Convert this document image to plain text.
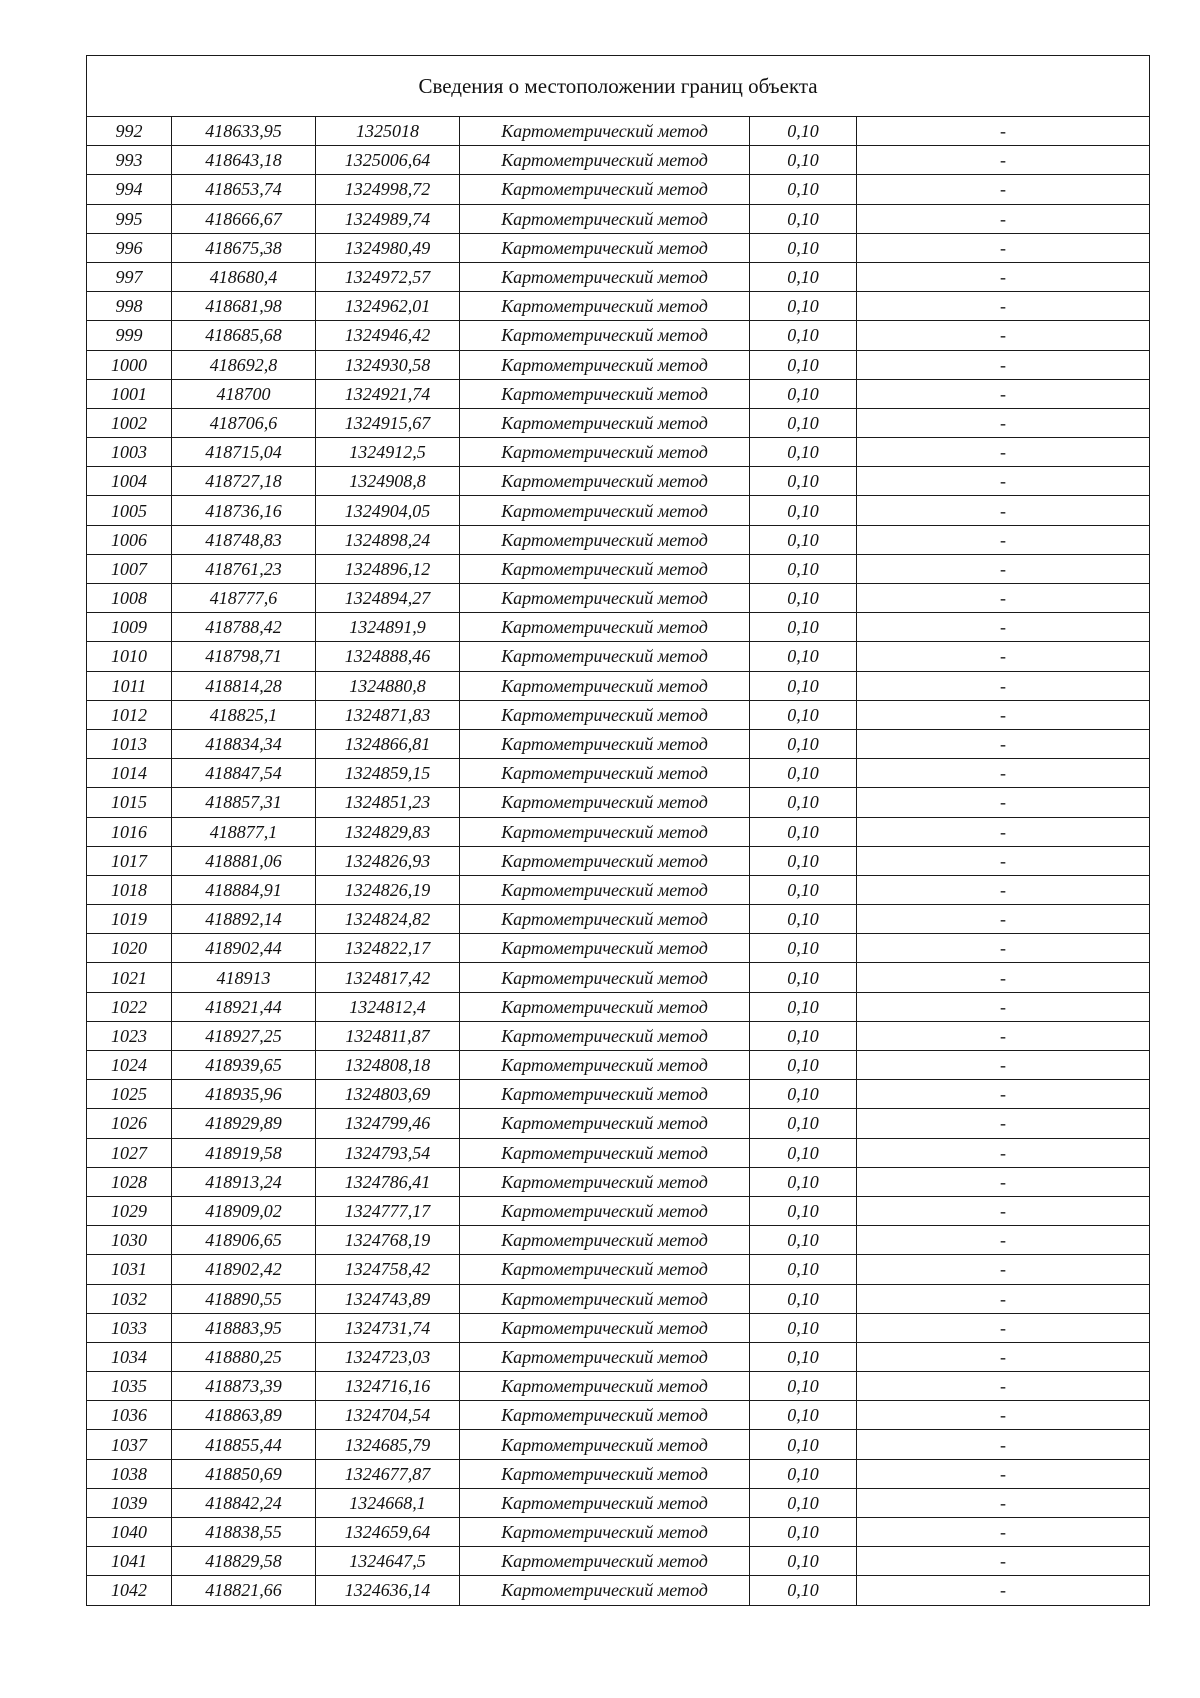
Сведения о местоположении границ объекта					
992	418633,95	1325018	Картометрический метод	0,10	-
993	418643,18	1325006,64	Картометрический метод	0,10	-
994	418653,74	1324998,72	Картометрический метод	0,10	-
995	418666,67	1324989,74	Картометрический метод	0,10	-
996	418675,38	1324980,49	Картометрический метод	0,10	-
997	418680,4	1324972,57	Картометрический метод	0,10	-
998	418681,98	1324962,01	Картометрический метод	0,10	-
999	418685,68	1324946,42	Картометрический метод	0,10	-
1000	418692,8	1324930,58	Картометрический метод	0,10	-
1001	418700	1324921,74	Картометрический метод	0,10	-
1002	418706,6	1324915,67	Картометрический метод	0,10	-
1003	418715,04	1324912,5	Картометрический метод	0,10	-
1004	418727,18	1324908,8	Картометрический метод	0,10	-
1005	418736,16	1324904,05	Картометрический метод	0,10	-
1006	418748,83	1324898,24	Картометрический метод	0,10	-
1007	418761,23	1324896,12	Картометрический метод	0,10	-
1008	418777,6	1324894,27	Картометрический метод	0,10	-
1009	418788,42	1324891,9	Картометрический метод	0,10	-
1010	418798,71	1324888,46	Картометрический метод	0,10	-
1011	418814,28	1324880,8	Картометрический метод	0,10	-
1012	418825,1	1324871,83	Картометрический метод	0,10	-
1013	418834,34	1324866,81	Картометрический метод	0,10	-
1014	418847,54	1324859,15	Картометрический метод	0,10	-
1015	418857,31	1324851,23	Картометрический метод	0,10	-
1016	418877,1	1324829,83	Картометрический метод	0,10	-
1017	418881,06	1324826,93	Картометрический метод	0,10	-
1018	418884,91	1324826,19	Картометрический метод	0,10	-
1019	418892,14	1324824,82	Картометрический метод	0,10	-
1020	418902,44	1324822,17	Картометрический метод	0,10	-
1021	418913	1324817,42	Картометрический метод	0,10	-
1022	418921,44	1324812,4	Картометрический метод	0,10	-
1023	418927,25	1324811,87	Картометрический метод	0,10	-
1024	418939,65	1324808,18	Картометрический метод	0,10	-
1025	418935,96	1324803,69	Картометрический метод	0,10	-
1026	418929,89	1324799,46	Картометрический метод	0,10	-
1027	418919,58	1324793,54	Картометрический метод	0,10	-
1028	418913,24	1324786,41	Картометрический метод	0,10	-
1029	418909,02	1324777,17	Картометрический метод	0,10	-
1030	418906,65	1324768,19	Картометрический метод	0,10	-
1031	418902,42	1324758,42	Картометрический метод	0,10	-
1032	418890,55	1324743,89	Картометрический метод	0,10	-
1033	418883,95	1324731,74	Картометрический метод	0,10	-
1034	418880,25	1324723,03	Картометрический метод	0,10	-
1035	418873,39	1324716,16	Картометрический метод	0,10	-
1036	418863,89	1324704,54	Картометрический метод	0,10	-
1037	418855,44	1324685,79	Картометрический метод	0,10	-
1038	418850,69	1324677,87	Картометрический метод	0,10	-
1039	418842,24	1324668,1	Картометрический метод	0,10	-
1040	418838,55	1324659,64	Картометрический метод	0,10	-
1041	418829,58	1324647,5	Картометрический метод	0,10	-
1042	418821,66	1324636,14	Картометрический метод	0,10	-
